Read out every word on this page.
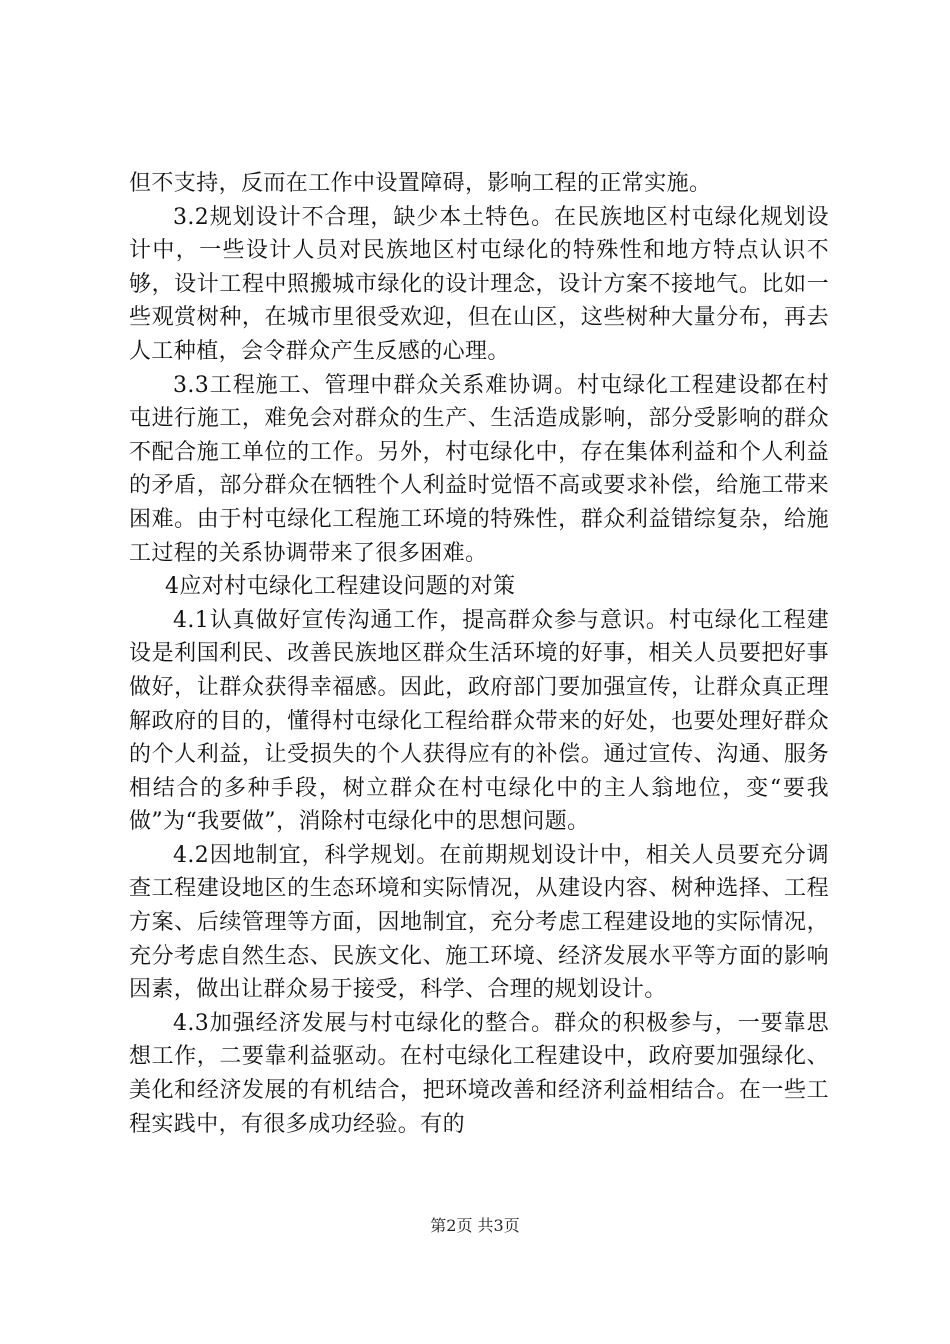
但不支持，反而在工作中设置障碍，影响工程的正常实施。

3.2规划设计不合理，缺少本土特色。在民族地区村屯绿化规划设计中，一些设计人员对民族地区村屯绿化的特殊性和地方特点认识不够，设计工程中照搬城市绿化的设计理念，设计方案不接地气。比如一些观赏树种，在城市里很受欢迎，但在山区，这些树种大量分布，再去人工种植，会令群众产生反感的心理。

3.3工程施工、管理中群众关系难协调。村屯绿化工程建设都在村屯进行施工，难免会对群众的生产、生活造成影响，部分受影响的群众不配合施工单位的工作。另外，村屯绿化中，存在集体利益和个人利益的矛盾，部分群众在牺牲个人利益时觉悟不高或要求补偿，给施工带来困难。由于村屯绿化工程施工环境的特殊性，群众利益错综复杂，给施工过程的关系协调带来了很多困难。

4应对村屯绿化工程建设问题的对策

4.1认真做好宣传沟通工作，提高群众参与意识。村屯绿化工程建设是利国利民、改善民族地区群众生活环境的好事，相关人员要把好事做好，让群众获得幸福感。因此，政府部门要加强宣传，让群众真正理解政府的目的，懂得村屯绿化工程给群众带来的好处，也要处理好群众的个人利益，让受损失的个人获得应有的补偿。通过宣传、沟通、服务相结合的多种手段，树立群众在村屯绿化中的主人翁地位，变“要我做”为“我要做”，消除村屯绿化中的思想问题。

4.2因地制宜，科学规划。在前期规划设计中，相关人员要充分调查工程建设地区的生态环境和实际情况，从建设内容、树种选择、工程方案、后续管理等方面，因地制宜，充分考虑工程建设地的实际情况，充分考虑自然生态、民族文化、施工环境、经济发展水平等方面的影响因素，做出让群众易于接受，科学、合理的规划设计。

4.3加强经济发展与村屯绿化的整合。群众的积极参与，一要靠思想工作，二要靠利益驱动。在村屯绿化工程建设中，政府要加强绿化、美化和经济发展的有机结合，把环境改善和经济利益相结合。在一些工程实践中，有很多成功经验。有的

第2页 共3页
